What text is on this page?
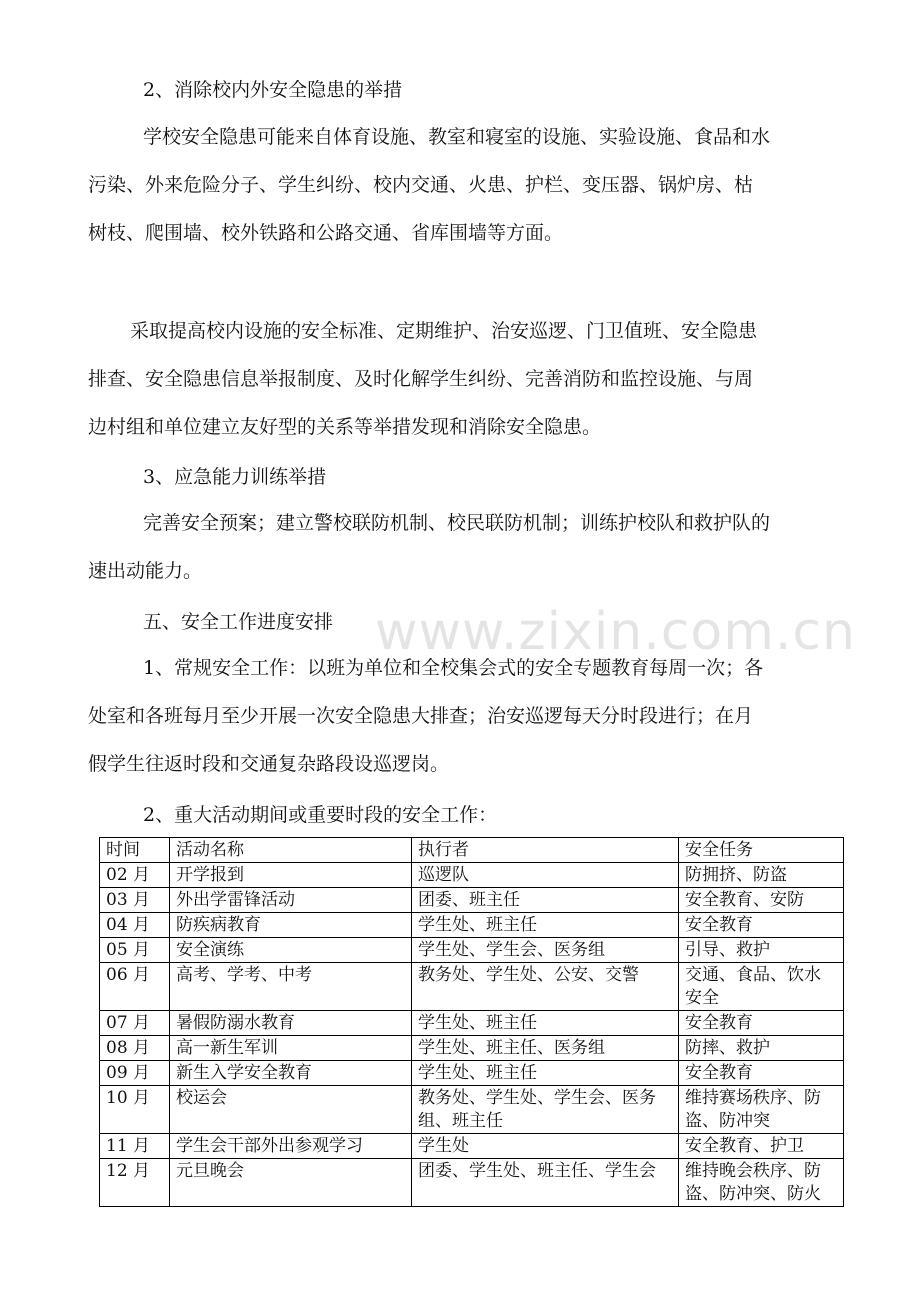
www.zixin.com.cn

2、消除校内外安全隐患的举措

学校安全隐患可能来自体育设施、教室和寝室的设施、实验设施、食品和水

污染、外来危险分子、学生纠纷、校内交通、火患、护栏、变压器、锅炉房、枯

树枝、爬围墙、校外铁路和公路交通、省库围墙等方面。

采取提高校内设施的安全标准、定期维护、治安巡逻、门卫值班、安全隐患

排查、安全隐患信息举报制度、及时化解学生纠纷、完善消防和监控设施、与周

边村组和单位建立友好型的关系等举措发现和消除安全隐患。

3、应急能力训练举措

完善安全预案；建立警校联防机制、校民联防机制；训练护校队和救护队的

速出动能力。

五、安全工作进度安排

1、常规安全工作：以班为单位和全校集会式的安全专题教育每周一次；各

处室和各班每月至少开展一次安全隐患大排查；治安巡逻每天分时段进行；在月

假学生往返时段和交通复杂路段设巡逻岗。

2、重大活动期间或重要时段的安全工作：

时间	活动名称	执行者	安全任务
02 月	开学报到	巡逻队	防拥挤、防盗
03 月	外出学雷锋活动	团委、班主任	安全教育、安防
04 月	防疾病教育	学生处、班主任	安全教育
05 月	安全演练	学生处、学生会、医务组	引导、救护
06 月	高考、学考、中考	教务处、学生处、公安、交警	交通、食品、饮水安全
07 月	暑假防溺水教育	学生处、班主任	安全教育
08 月	高一新生军训	学生处、班主任、医务组	防摔、救护
09 月	新生入学安全教育	学生处、班主任	安全教育
10 月	校运会	教务处、学生处、学生会、医务组、班主任	维持赛场秩序、防盗、防冲突
11 月	学生会干部外出参观学习	学生处	安全教育、护卫
12 月	元旦晚会	团委、学生处、班主任、学生会	维持晚会秩序、防盗、防冲突、防火
